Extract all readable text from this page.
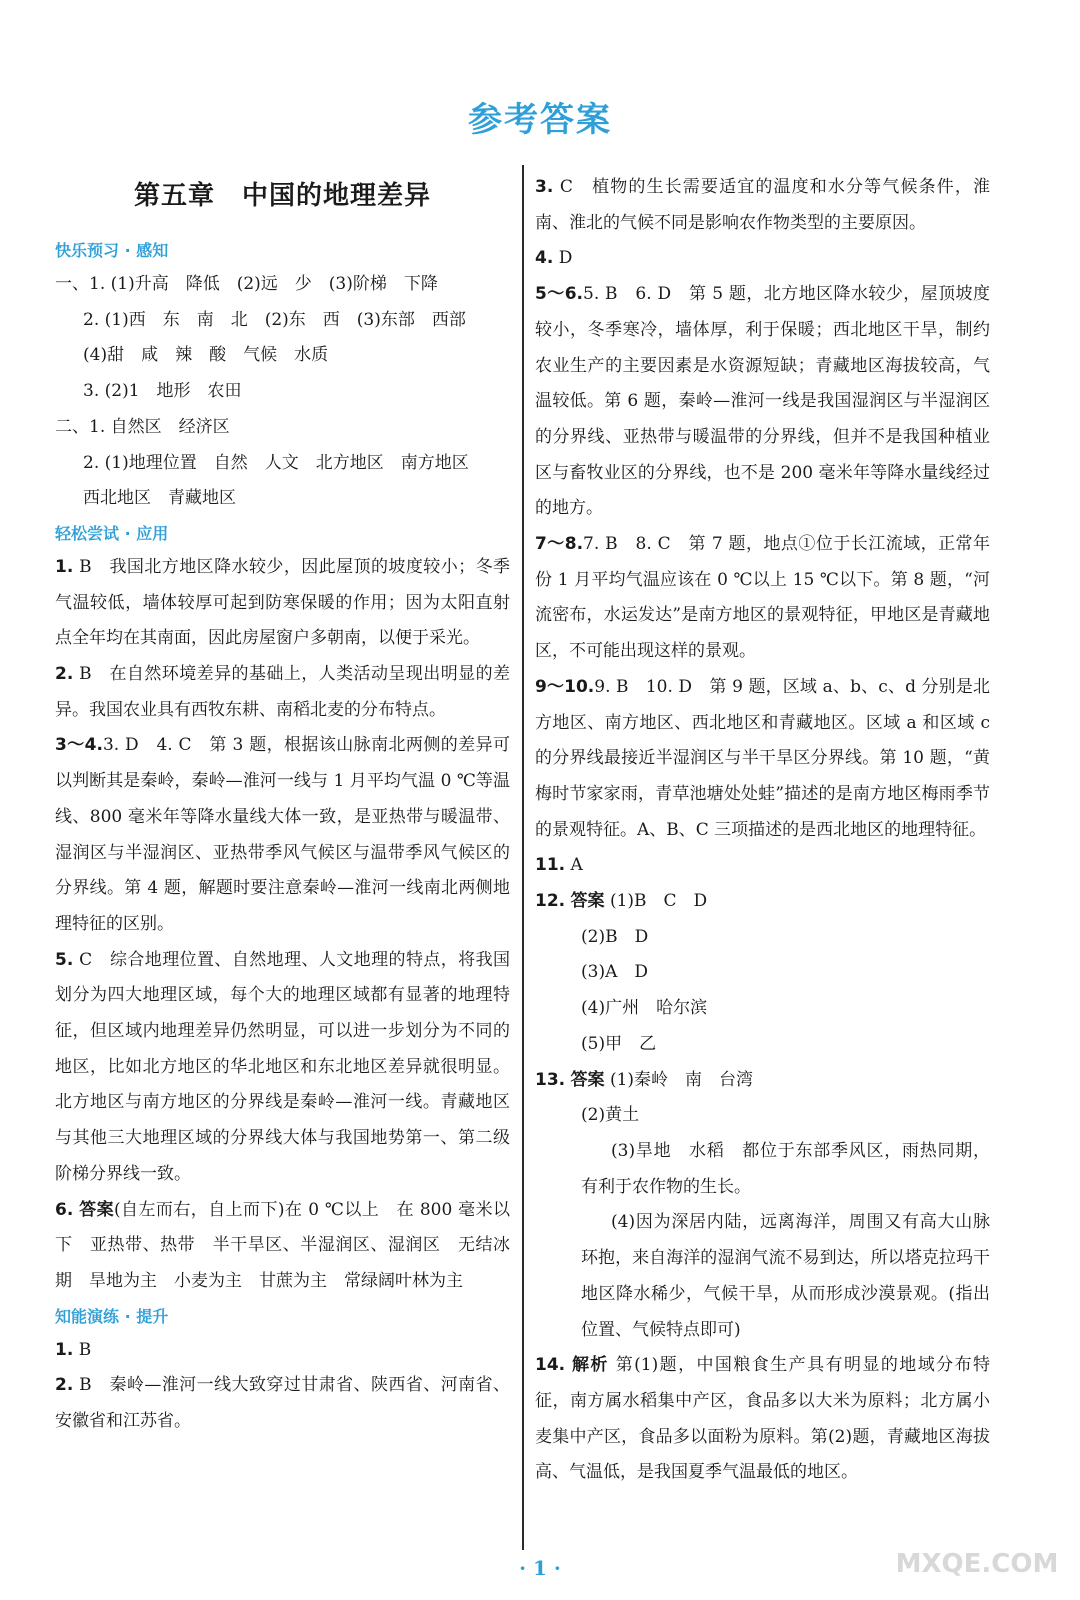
参考答案
第五章　中国的地理差异
快乐预习 · 感知

一、1. (1)升高　降低　(2)远　少　(3)阶梯　下降

2. (1)西　东　南　北　(2)东　西　(3)东部　西部

(4)甜　咸　辣　酸　气候　水质

3. (2)1　地形　农田

二、1. 自然区　经济区

2. (1)地理位置　自然　人文　北方地区　南方地区

西北地区　青藏地区

轻松尝试 · 应用

1. B　我国北方地区降水较少，因此屋顶的坡度较小；冬季气温较低，墙体较厚可起到防寒保暖的作用；因为太阳直射点全年均在其南面，因此房屋窗户多朝南，以便于采光。

2. B　在自然环境差异的基础上，人类活动呈现出明显的差异。我国农业具有西牧东耕、南稻北麦的分布特点。

3～4.3. D　4. C　第 3 题，根据该山脉南北两侧的差异可以判断其是秦岭，秦岭—淮河一线与 1 月平均气温 0 ℃等温线、800 毫米年等降水量线大体一致，是亚热带与暖温带、湿润区与半湿润区、亚热带季风气候区与温带季风气候区的分界线。第 4 题，解题时要注意秦岭—淮河一线南北两侧地理特征的区别。

5. C　综合地理位置、自然地理、人文地理的特点，将我国划分为四大地理区域，每个大的地理区域都有显著的地理特征，但区域内地理差异仍然明显，可以进一步划分为不同的地区，比如北方地区的华北地区和东北地区差异就很明显。北方地区与南方地区的分界线是秦岭—淮河一线。青藏地区与其他三大地理区域的分界线大体与我国地势第一、第二级阶梯分界线一致。

6. 答案(自左而右，自上而下)在 0 ℃以上　在 800 毫米以下　亚热带、热带　半干旱区、半湿润区、湿润区　无结冰期　旱地为主　小麦为主　甘蔗为主　常绿阔叶林为主

知能演练 · 提升

1. B

2. B　秦岭—淮河一线大致穿过甘肃省、陕西省、河南省、安徽省和江苏省。

3. C　植物的生长需要适宜的温度和水分等气候条件，淮南、淮北的气候不同是影响农作物类型的主要原因。

4. D

5～6.5. B　6. D　第 5 题，北方地区降水较少，屋顶坡度较小，冬季寒冷，墙体厚，利于保暖；西北地区干旱，制约农业生产的主要因素是水资源短缺；青藏地区海拔较高，气温较低。第 6 题，秦岭—淮河一线是我国湿润区与半湿润区的分界线、亚热带与暖温带的分界线，但并不是我国种植业区与畜牧业区的分界线，也不是 200 毫米年等降水量线经过的地方。

7～8.7. B　8. C　第 7 题，地点①位于长江流域，正常年份 1 月平均气温应该在 0 ℃以上 15 ℃以下。第 8 题，“河流密布，水运发达”是南方地区的景观特征，甲地区是青藏地区，不可能出现这样的景观。

9～10.9. B　10. D　第 9 题，区域 a、b、c、d 分别是北方地区、南方地区、西北地区和青藏地区。区域 a 和区域 c 的分界线最接近半湿润区与半干旱区分界线。第 10 题，“黄梅时节家家雨，青草池塘处处蛙”描述的是南方地区梅雨季节的景观特征。A、B、C 三项描述的是西北地区的地理特征。

11. A

12. 答案 (1)B　C　D

(2)B　D

(3)A　D

(4)广州　哈尔滨

(5)甲　乙

13. 答案 (1)秦岭　南　台湾

(2)黄土

(3)旱地　水稻　都位于东部季风区，雨热同期，有利于农作物的生长。

(4)因为深居内陆，远离海洋，周围又有高大山脉环抱，来自海洋的湿润气流不易到达，所以塔克拉玛干地区降水稀少，气候干旱，从而形成沙漠景观。(指出位置、气候特点即可)

14. 解析 第(1)题，中国粮食生产具有明显的地域分布特征，南方属水稻集中产区，食品多以大米为原料；北方属小麦集中产区，食品多以面粉为原料。第(2)题，青藏地区海拔高、气温低，是我国夏季气温最低的地区。

· 1 ·	MXQE.COM
